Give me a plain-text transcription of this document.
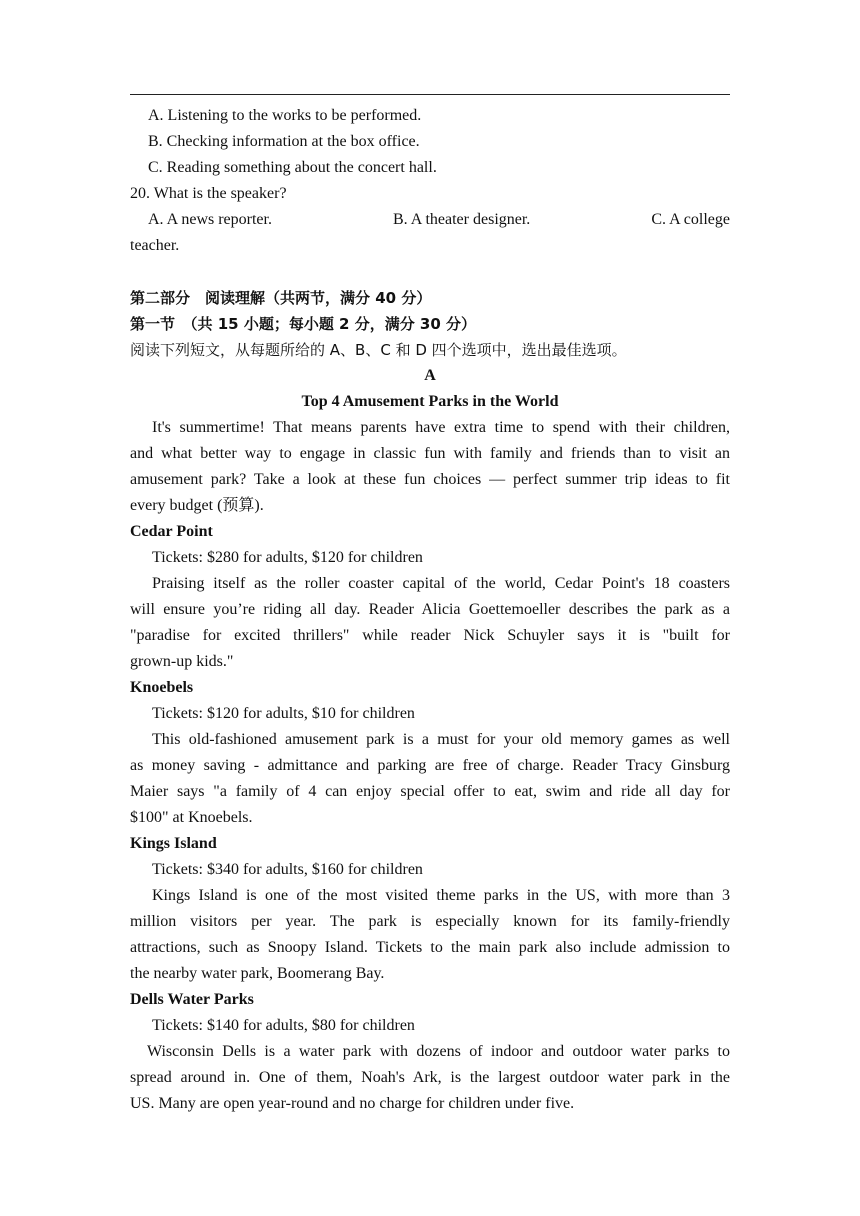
A. Listening to the works to be performed.
B. Checking information at the box office.
C. Reading something about the concert hall.
20. What is the speaker?
A. A news reporter.	B. A theater designer.	C. A college
teacher.
第二部分　阅读理解（共两节，满分 40 分）
第一节　（共 15 小题；每小题 2 分，满分 30 分）
阅读下列短文，从每题所给的 A、B、C 和 D 四个选项中，选出最佳选项。
A
Top 4 Amusement Parks in the World
It's summertime! That means parents have extra time to spend with their children,
and what better way to engage in classic fun with family and friends than to visit an
amusement park? Take a look at these fun choices — perfect summer trip ideas to fit
every budget (预算).
Cedar Point
Tickets: $280 for adults, $120 for children
Praising itself as the roller coaster capital of the world, Cedar Point's 18 coasters
will ensure you’re riding all day. Reader Alicia Goettemoeller describes the park as a
"paradise for excited thrillers" while reader Nick Schuyler says it is "built for
grown-up kids."
Knoebels
Tickets: $120 for adults, $10 for children
This old-fashioned amusement park is a must for your old memory games as well
as money saving - admittance and parking are free of charge. Reader Tracy Ginsburg
Maier says "a family of 4 can enjoy special offer to eat, swim and ride all day for
$100" at Knoebels.
Kings Island
Tickets: $340 for adults, $160 for children
Kings Island is one of the most visited theme parks in the US, with more than 3
million visitors per year. The park is especially known for its family-friendly
attractions, such as Snoopy Island. Tickets to the main park also include admission to
the nearby water park, Boomerang Bay.
Dells Water Parks
Tickets: $140 for adults, $80 for children
Wisconsin Dells is a water park with dozens of indoor and outdoor water parks to
spread around in. One of them, Noah's Ark, is the largest outdoor water park in the
US. Many are open year-round and no charge for children under five.
